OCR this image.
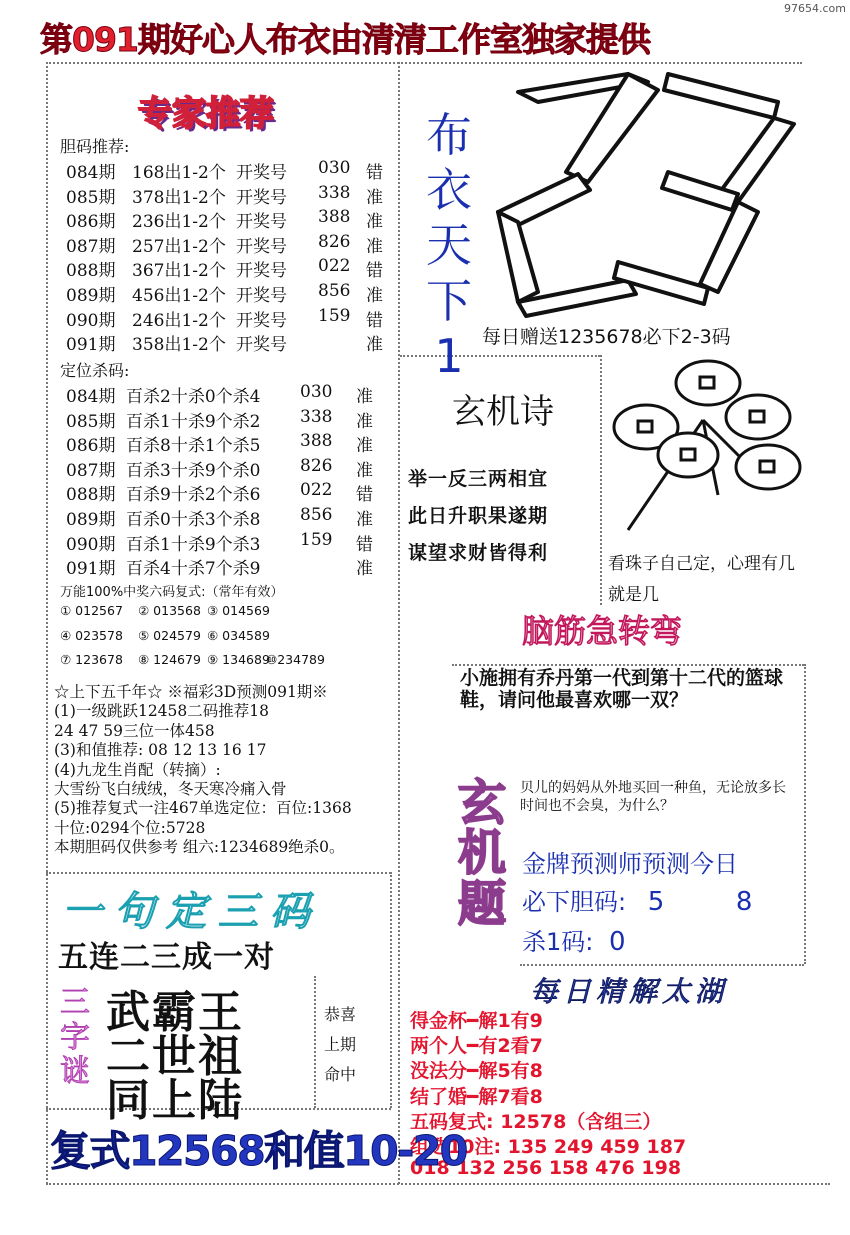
97654.com
第091期好心人布衣由清清工作室独家提供
专家推荐
胆码推荐:
084期 168出1-2个 开奖号 030 错
085期 378出1-2个 开奖号 338 准
086期 236出1-2个 开奖号 388 准
087期 257出1-2个 开奖号 826 准
088期 367出1-2个 开奖号 022 错
089期 456出1-2个 开奖号 856 准
090期 246出1-2个 开奖号 159 错
091期 358出1-2个 开奖号	准
定位杀码:
084期 百杀2十杀0个杀4 030 准
085期 百杀1十杀9个杀2 338 准
086期 百杀8十杀1个杀5 388 准
087期 百杀3十杀9个杀0 826 准
088期 百杀9十杀2个杀6 022 错
089期 百杀0十杀3个杀8 856 准
090期 百杀1十杀9个杀3 159 错
091期 百杀4十杀7个杀9	准
万能100%中奖六码复式:（常年有效）
① 012567 ② 013568 ③ 014569
④ 023578 ⑤ 024579 ⑥ 034589
⑦ 123678 ⑧ 124679 ⑨ 134689
⑩234789
☆上下五千年☆ ※福彩3D预测091期※
(1)一级跳跃12458二码推荐18
24 47 59三位一体458
(3)和值推荐: 08 12 13 16 17
(4)九龙生肖配（转摘）:
大雪纷飞白绒绒，冬天寒冷痛入骨
(5)推荐复式一注467单选定位：百位:1368
十位:0294个位:5728
本期胆码仅供参考 组六:1234689绝杀0。
布
衣
天
下
1 每日赠送1235678必下2-3码
玄机诗
举一反三两相宜
此日升职果遂期
谋望求财皆得利	看珠子自己定，心理有几就是几
脑筋急转弯
小施拥有乔丹第一代到第十二代的篮球鞋，请问他最喜欢哪一双？
玄
机
题
贝儿的妈妈从外地买回一种鱼，无论放多长时间也不会臭，为什么？
金牌预测师预测今日
必下胆码: 5	8
杀1码: 0
每日精解太湖
得金杯━解1有9
两个人━有2看7
没法分━解5有8
结了婚━解7看8
五码复式: 12578（含组三）
组选10注: 135 249 459 187
018 132 256 158 476 198
一句定三码
五连二三成一对
三
字
谜
武霸王
二世祖
同上陆
恭喜
上期
命中
复式12568和值10-20
